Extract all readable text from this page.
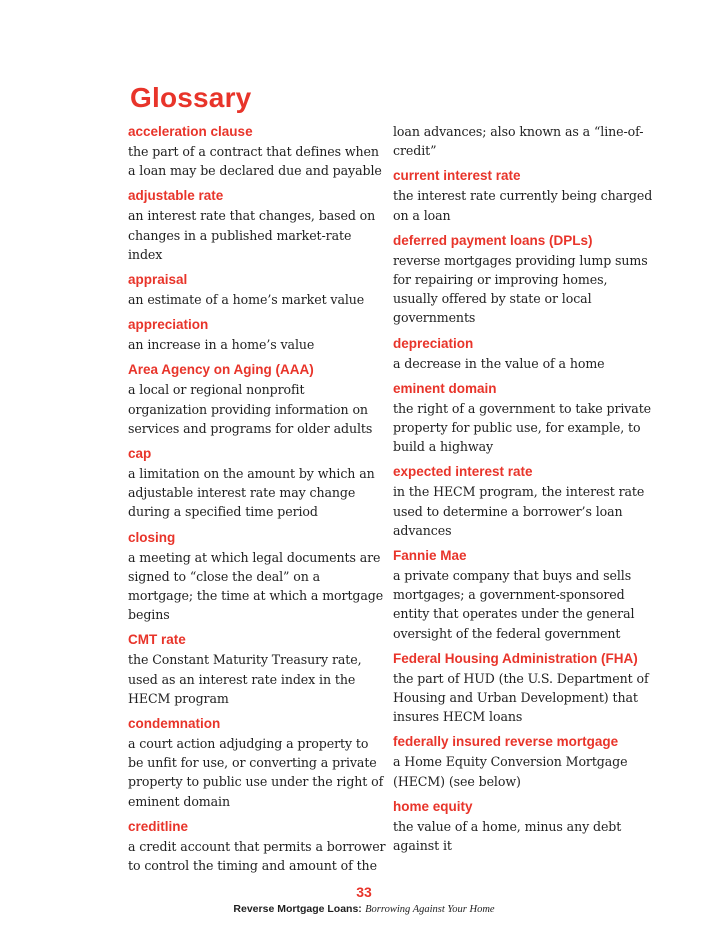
Glossary
acceleration clause
the part of a contract that defines when a loan may be declared due and payable
adjustable rate
an interest rate that changes, based on changes in a published market-rate index
appraisal
an estimate of a home’s market value
appreciation
an increase in a home’s value
Area Agency on Aging (AAA)
a local or regional nonprofit organization providing information on services and programs for older adults
cap
a limitation on the amount by which an adjustable interest rate may change during a specified time period
closing
a meeting at which legal documents are signed to “close the deal” on a mortgage; the time at which a mortgage begins
CMT rate
the Constant Maturity Treasury rate, used as an interest rate index in the HECM program
condemnation
a court action adjudging a property to be unfit for use, or converting a private property to public use under the right of eminent domain
creditline
a credit account that permits a borrower to control the timing and amount of the
loan advances; also known as a “line-of-credit”
current interest rate
the interest rate currently being charged on a loan
deferred payment loans (DPLs)
reverse mortgages providing lump sums for repairing or improving homes, usually offered by state or local governments
depreciation
a decrease in the value of a home
eminent domain
the right of a government to take private property for public use, for example, to build a highway
expected interest rate
in the HECM program, the interest rate used to determine a borrower’s loan advances
Fannie Mae
a private company that buys and sells mortgages; a government-sponsored entity that operates under the general oversight of the federal government
Federal Housing Administration (FHA)
the part of HUD (the U.S. Department of Housing and Urban Development) that insures HECM loans
federally insured reverse mortgage
a Home Equity Conversion Mortgage (HECM) (see below)
home equity
the value of a home, minus any debt against it
33
Reverse Mortgage Loans: Borrowing Against Your Home
